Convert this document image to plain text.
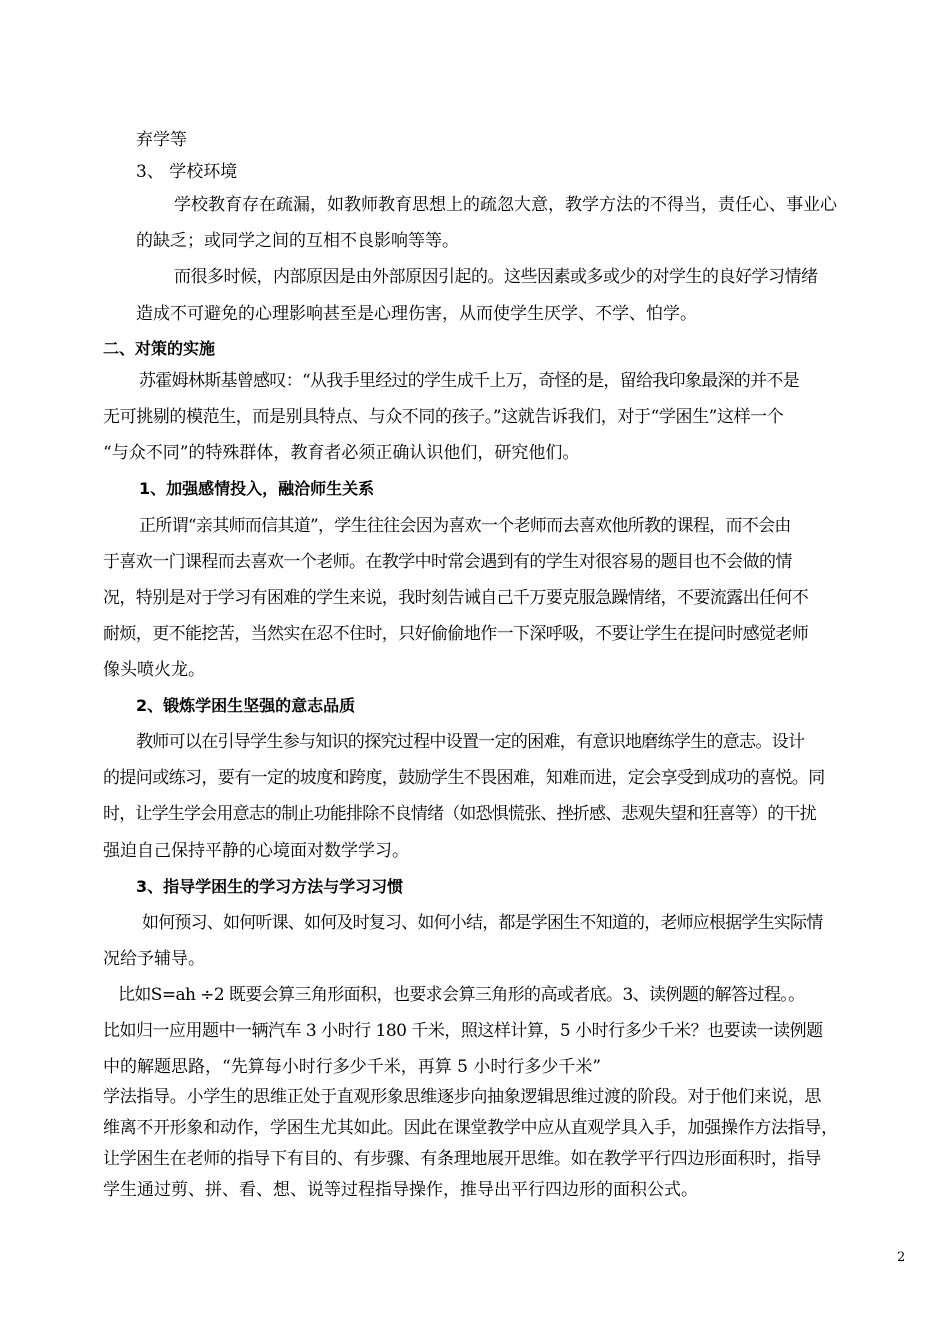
弃学等
3、 学校环境
学校教育存在疏漏，如教师教育思想上的疏忽大意，教学方法的不得当，责任心、事业心
的缺乏；或同学之间的互相不良影响等等。
而很多时候，内部原因是由外部原因引起的。这些因素或多或少的对学生的良好学习情绪
造成不可避免的心理影响甚至是心理伤害，从而使学生厌学、不学、怕学。
二、对策的实施
苏霍姆林斯基曾感叹：“从我手里经过的学生成千上万，奇怪的是，留给我印象最深的并不是
无可挑剔的模范生，而是别具特点、与众不同的孩子。”这就告诉我们，对于“学困生”这样一个
“与众不同”的特殊群体，教育者必须正确认识他们，研究他们。
1、加强感情投入，融洽师生关系
正所谓“亲其师而信其道”，学生往往会因为喜欢一个老师而去喜欢他所教的课程，而不会由
于喜欢一门课程而去喜欢一个老师。在教学中时常会遇到有的学生对很容易的题目也不会做的情
况，特别是对于学习有困难的学生来说，我时刻告诫自己千万要克服急躁情绪，不要流露出任何不
耐烦，更不能挖苦，当然实在忍不住时，只好偷偷地作一下深呼吸，不要让学生在提问时感觉老师
像头喷火龙。
2、锻炼学困生坚强的意志品质
教师可以在引导学生参与知识的探究过程中设置一定的困难，有意识地磨练学生的意志。设计
的提问或练习，要有一定的坡度和跨度，鼓励学生不畏困难，知难而进，定会享受到成功的喜悦。同
时，让学生学会用意志的制止功能排除不良情绪（如恐惧慌张、挫折感、悲观失望和狂喜等）的干扰
强迫自己保持平静的心境面对数学学习。
3、指导学困生的学习方法与学习习惯
如何预习、如何听课、如何及时复习、如何小结，都是学困生不知道的，老师应根据学生实际情
况给予辅导。
比如S=ah ÷2 既要会算三角形面积，也要求会算三角形的高或者底。3、读例题的解答过程。。
比如归一应用题中一辆汽车 3 小时行 180 千米，照这样计算，5 小时行多少千米？也要读一读例题
中的解题思路，“先算每小时行多少千米，再算 5 小时行多少千米”
学法指导。小学生的思维正处于直观形象思维逐步向抽象逻辑思维过渡的阶段。对于他们来说，思
维离不开形象和动作，学困生尤其如此。因此在课堂教学中应从直观学具入手，加强操作方法指导，
让学困生在老师的指导下有目的、有步骤、有条理地展开思维。如在教学平行四边形面积时，指导
学生通过剪、拼、看、想、说等过程指导操作，推导出平行四边形的面积公式。
2
